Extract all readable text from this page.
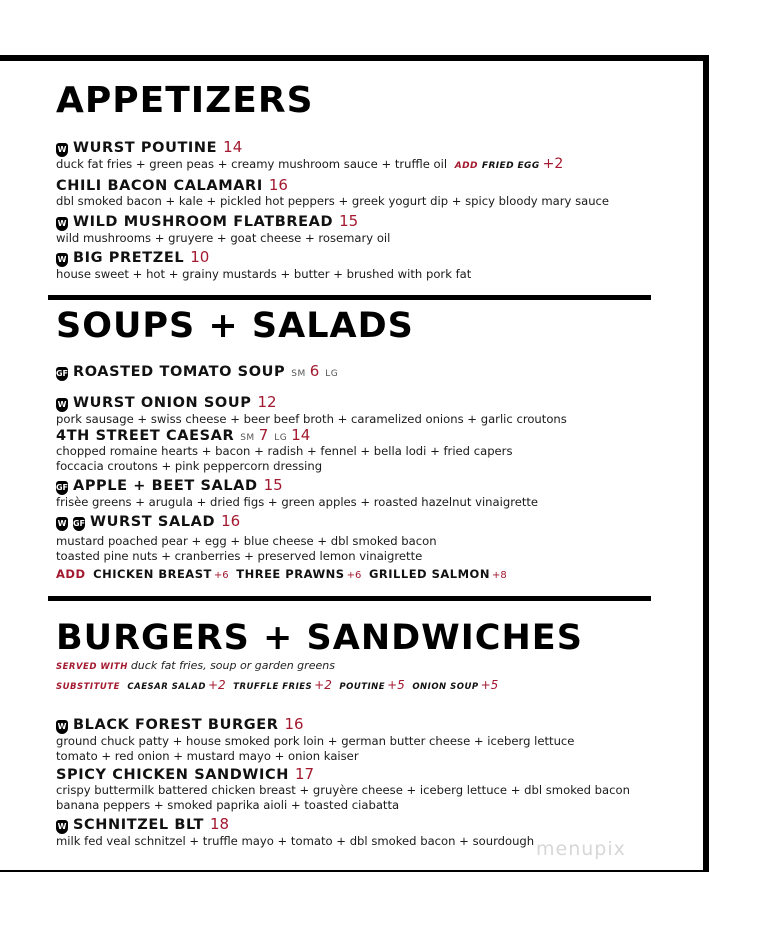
APPETIZERS
W WURST POUTINE 14
duck fat fries + green peas + creamy mushroom sauce + truffle oil ADD FRIED EGG +2
CHILI BACON CALAMARI 16
dbl smoked bacon + kale + pickled hot peppers + greek yogurt dip + spicy bloody mary sauce
W WILD MUSHROOM FLATBREAD 15
wild mushrooms + gruyere + goat cheese + rosemary oil
W BIG PRETZEL 10
house sweet + hot + grainy mustards + butter + brushed with pork fat
SOUPS + SALADS
GF ROASTED TOMATO SOUP SM 6 LG
W WURST ONION SOUP 12
pork sausage + swiss cheese + beer beef broth + caramelized onions + garlic croutons
4TH STREET CAESAR SM 7 LG 14
chopped romaine hearts + bacon + radish + fennel + bella lodi + fried capers
foccacia croutons + pink peppercorn dressing
GF APPLE + BEET SALAD 15
frisèe greens + arugula + dried figs + green apples + roasted hazelnut vinaigrette
W GF WURST SALAD 16
mustard poached pear + egg + blue cheese + dbl smoked bacon
toasted pine nuts + cranberries + preserved lemon vinaigrette
ADD CHICKEN BREAST +6 THREE PRAWNS +6 GRILLED SALMON +8
BURGERS + SANDWICHES
SERVED WITH duck fat fries, soup or garden greens
SUBSTITUTE CAESAR SALAD +2 TRUFFLE FRIES +2 POUTINE +5 ONION SOUP +5
W BLACK FOREST BURGER 16
ground chuck patty + house smoked pork loin + german butter cheese + iceberg lettuce
tomato + red onion + mustard mayo + onion kaiser
SPICY CHICKEN SANDWICH 17
crispy buttermilk battered chicken breast + gruyère cheese + iceberg lettuce + dbl smoked bacon
banana peppers + smoked paprika aioli + toasted ciabatta
W SCHNITZEL BLT 18
milk fed veal schnitzel + truffle mayo + tomato + dbl smoked bacon + sourdough menupix
